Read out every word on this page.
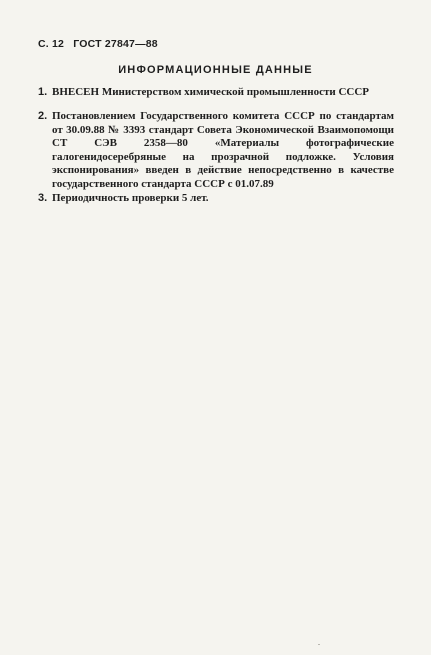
С. 12 ГОСТ 27847—88
ИНФОРМАЦИОННЫЕ ДАННЫЕ
1. ВНЕСЕН Министерством химической промышленности СССР
2. Постановлением Государственного комитета СССР по стандартам от 30.09.88 № 3393 стандарт Совета Экономической Взаимопомощи СТ СЭВ 2358—80 «Материалы фотографические галогенидосеребряные на прозрачной подложке. Условия экспонирования» введен в действие непосредственно в качестве государственного стандарта СССР с 01.07.89
3. Периодичность проверки 5 лет.
